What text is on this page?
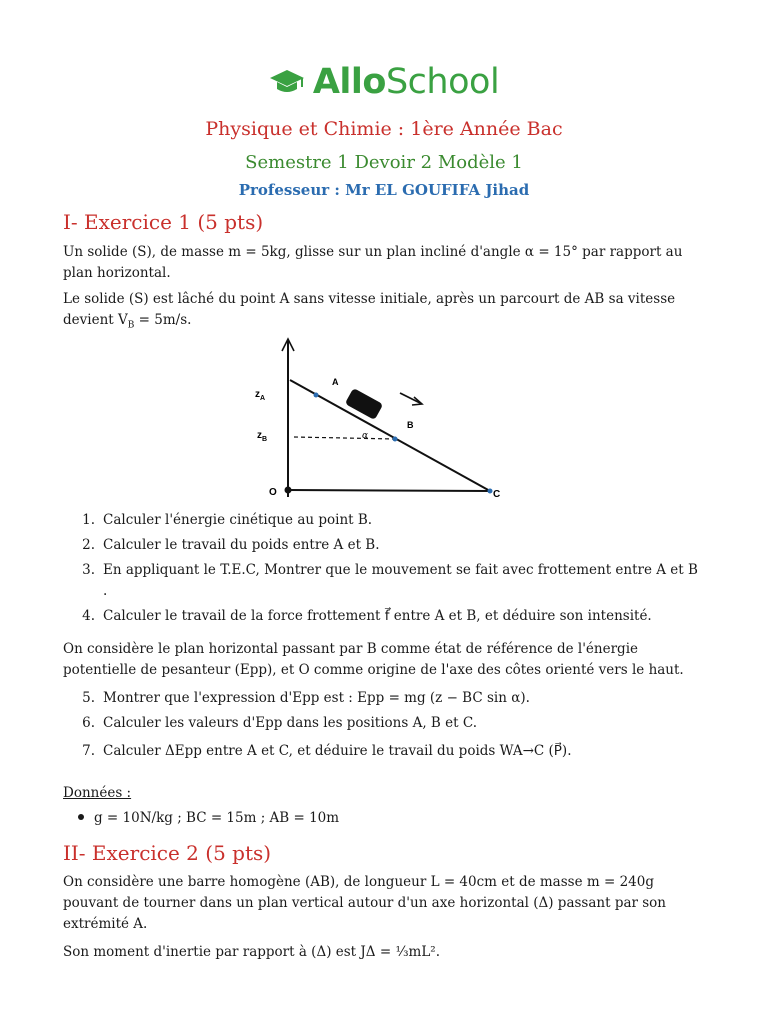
AlloSchool
Physique et Chimie : 1ère Année Bac
Semestre 1 Devoir 2 Modèle 1
Professeur : Mr EL GOUFIFA Jihad
I- Exercice 1 (5 pts)
Un solide (S), de masse m = 5kg, glisse sur un plan incliné d'angle α = 15° par rapport au
plan horizontal.
Le solide (S) est lâché du point A sans vitesse initiale, après un parcourt de AB sa vitesse
devient $V_B = 5m/s$.
$z_A$
$z_B$
O
A
B
C
α
1. Calculer l'énergie cinétique au point B.
2. Calculer le travail du poids entre A et B.
3. En appliquant le T.E.C, Montrer que le mouvement se fait avec frottement entre A et B
.
4. Calculer le travail de la force frottement f⃗ entre A et B, et déduire son intensité.
On considère le plan horizontal passant par B comme état de référence de l'énergie
potentielle de pesanteur (Epp), et O comme origine de l'axe des côtes orienté vers le haut.
5. Montrer que l'expression d'Epp est : Epp = mg (z − BC sin α).
6. Calculer les valeurs d'Epp dans les positions A, B et C.
7. Calculer ΔEpp entre A et C, et déduire le travail du poids WA→C (P⃗).
Données :
g = 10N/kg ; BC = 15m ; AB = 10m
II- Exercice 2 (5 pts)
On considère une barre homogène (AB), de longueur L = 40cm et de masse m = 240g
pouvant de tourner dans un plan vertical autour d'un axe horizontal (Δ) passant par son
extrémité A.
Son moment d'inertie par rapport à (Δ) est JΔ = ¹⁄₃mL².
